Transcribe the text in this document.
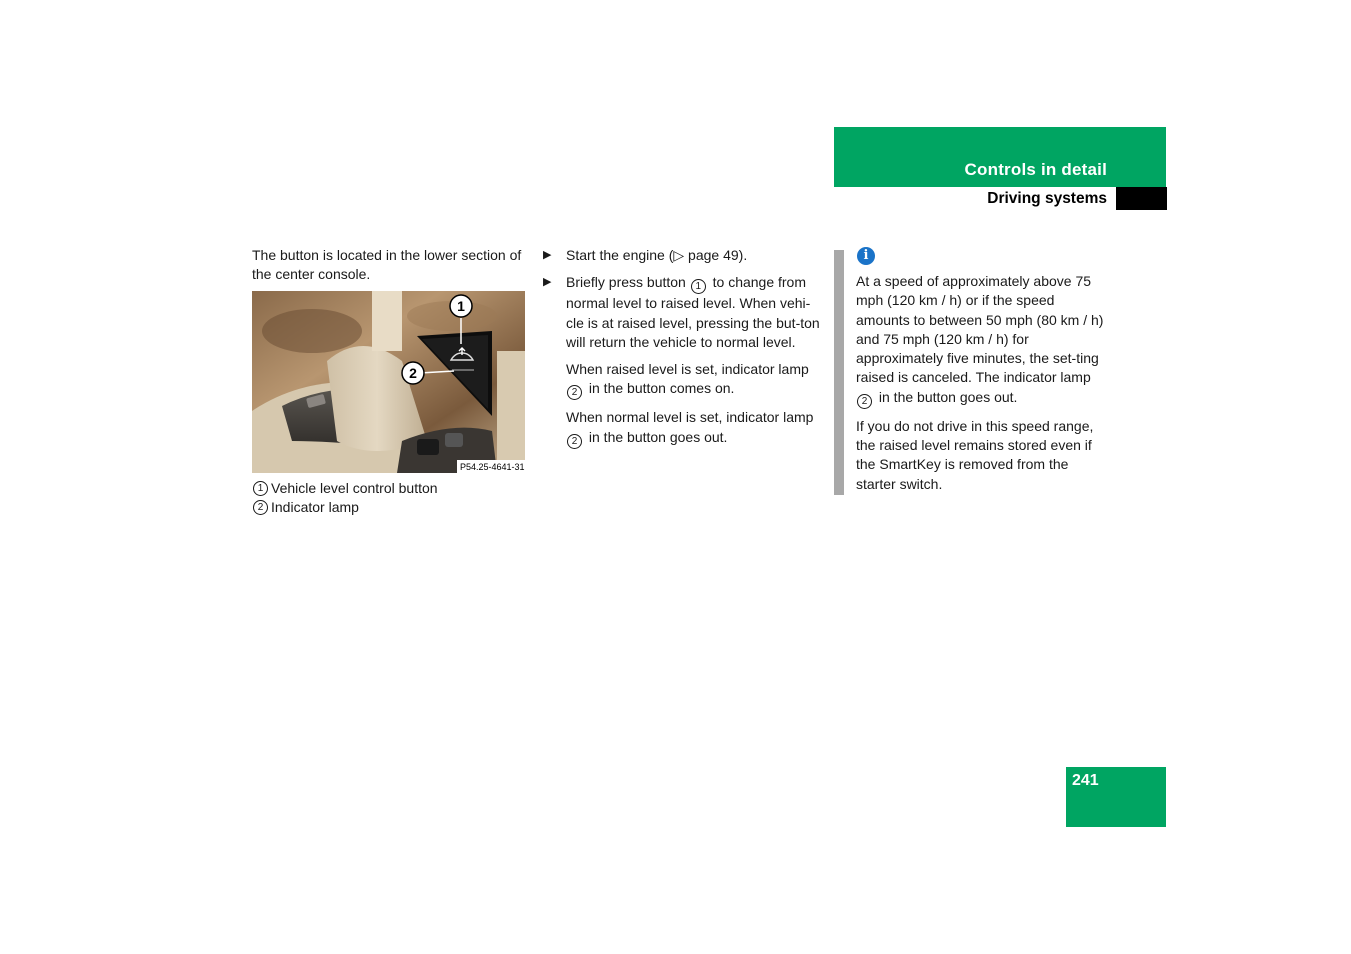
Controls in detail
Driving systems

The button is located in the lower section of the center console.

1
2
P54.25-4641-31
1 Vehicle level control button
2 Indicator lamp

▶ Start the engine (▷ page 49).

▶ Briefly press button 1 to change from normal level to raised level. When vehi-cle is at raised level, pressing the but-ton will return the vehicle to normal level.

When raised level is set, indicator lamp 2 in the button comes on.

When normal level is set, indicator lamp 2 in the button goes out.

i

At a speed of approximately above 75 mph (120 km / h) or if the speed amounts to between 50 mph (80 km / h) and 75 mph (120 km / h) for approximately five minutes, the set-ting raised is canceled. The indicator lamp 2 in the button goes out.

If you do not drive in this speed range, the raised level remains stored even if the SmartKey is removed from the starter switch.

241
